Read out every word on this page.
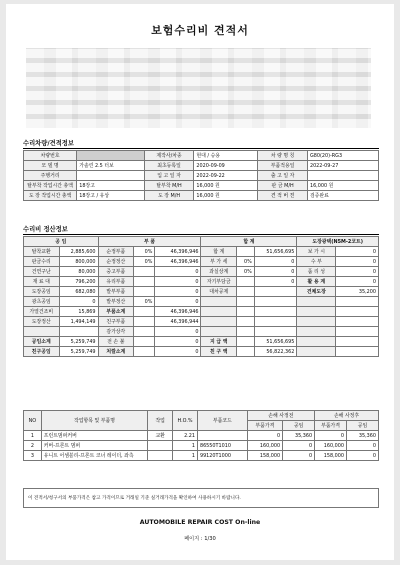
보험수리비 견적서
수리차량/견적정보
차량번호		제작사/차종	현대 / 승용	차 량 명 칭	G80(20)-RG3
모 델 명	가솔린 2.5 터보	최초등록일	2020-09-09	부품적용일	2022-09-27
주행거리		입 고 일 자	2022-09-22	출 고 일 자	
탈부착 작업시간 총액	18장고	탈부착 M/H	16,000 원	판 금 M/H	16,000 원
도 장 작업시간 총액	18장고 / 유상	도 장 M/H	16,000 원	견 적 버 젼	검증완료
수리비 정산정보
공 임		부 품			합 계			도장광택(N5M-2코트)	
탈착교환	2,885,600	순정부품	0%	46,396,946	합 계		51,656,695	보 가 시	0
판금수리	800,000	순정정산	0%	46,396,946	부 가 세	0%	0	수 부	0
건연구난	80,000	중고부품		0	과실상계	0%	0	품 리 성	0
재 료 대	796,200	유리부품		0	자기부담금		0	활 용 계	0
도장공임	682,080	발부부품		0	대차공제			견체도장	35,200
광츠공임	0	발부정산	0%	0					
가열건조비	15,869	부품소계		46,396,946					
도장정산	1,494,149	친구부품		46,396,944					
		감가상각		0					
공임소계	5,259,749	전 손 불		0	지 급 액		51,656,695		
친구공임	5,259,749	처깔소계		0	친 구 액		56,822,362		
NO	작업항목 및 부품명	작업	H.O.%	부품코드	손해 사정전		손해 사정후	
					부품가격	공임	부품가격	공임
1	프런트범퍼커버	교환	2.21		0	35,360	0	35,360
2	커버-프론트 범퍼		1	86550T1010	160,000	0	160,000	0
3	유니트 어셈블리-프론트 코너 레이더, 좌측		1	99120T1000	158,000	0	158,000	0
이 견적서/청구서의 부품가격은 참고 가격이므로 거래일 기준 실거래가격을 확인하여 사용하시기 바랍니다.
AUTOMOBILE REPAIR COST On-line
페이지 : 1/30
